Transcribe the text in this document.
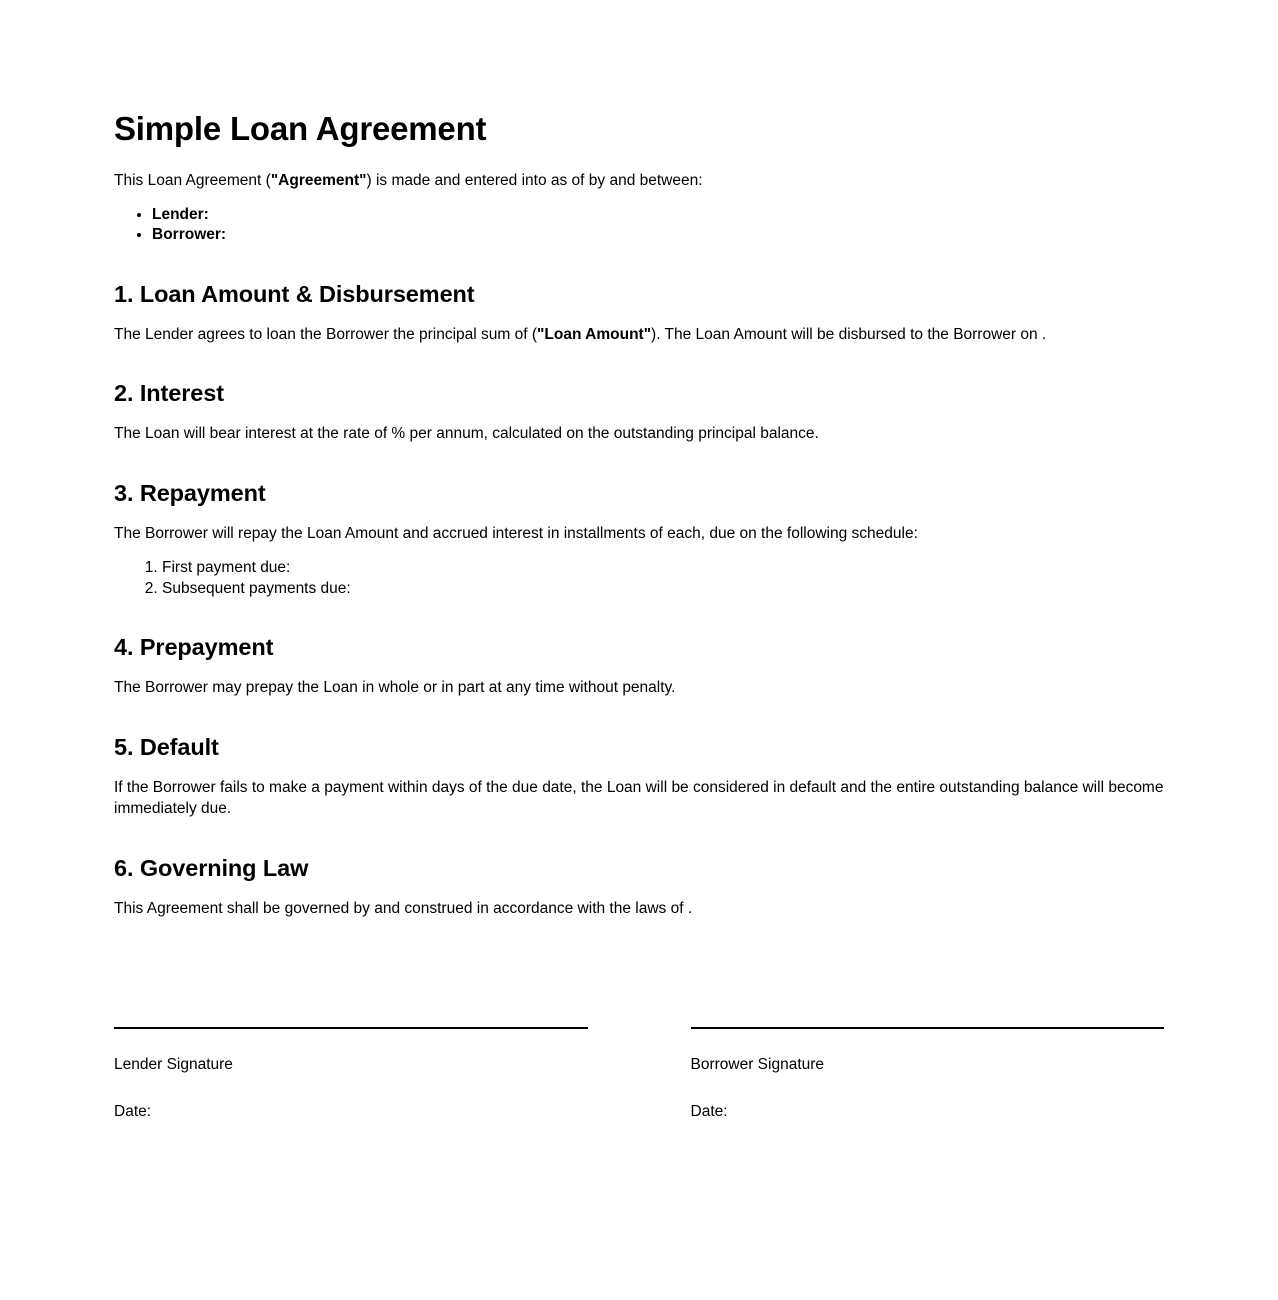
Simple Loan Agreement

This Loan Agreement ("Agreement") is made and entered into as of by and between:

• Lender:
• Borrower:
1. Loan Amount & Disbursement

The Lender agrees to loan the Borrower the principal sum of ("Loan Amount"). The Loan Amount will be disbursed to the Borrower on .

2. Interest

The Loan will bear interest at the rate of % per annum, calculated on the outstanding principal balance.

3. Repayment

The Borrower will repay the Loan Amount and accrued interest in installments of each, due on the following schedule:

1. First payment due:
2. Subsequent payments due:
4. Prepayment

The Borrower may prepay the Loan in whole or in part at any time without penalty.

5. Default

If the Borrower fails to make a payment within days of the due date, the Loan will be considered in default and the entire outstanding balance will become immediately due.

6. Governing Law

This Agreement shall be governed by and construed in accordance with the laws of .

Lender Signature
Date:
Borrower Signature
Date:
